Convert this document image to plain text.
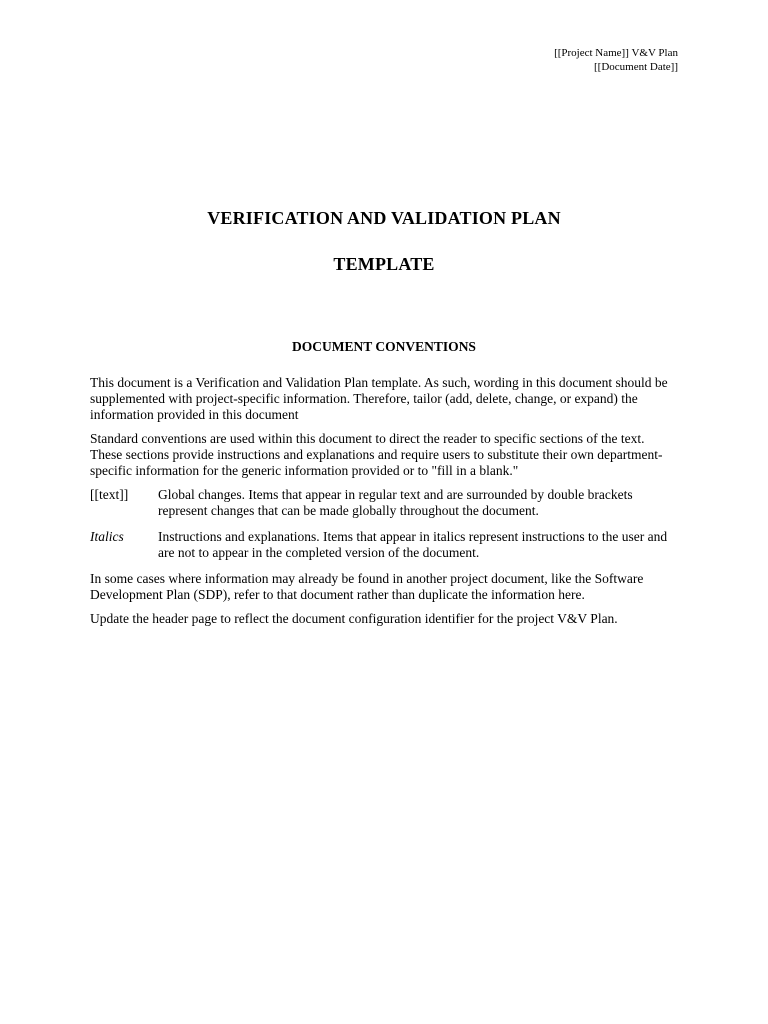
[[Project Name]] V&V Plan
[[Document Date]]
VERIFICATION AND VALIDATION PLAN
TEMPLATE
DOCUMENT CONVENTIONS

This document is a Verification and Validation Plan template. As such, wording in this document should be supplemented with project-specific information. Therefore, tailor (add, delete, change, or expand) the information provided in this document

Standard conventions are used within this document to direct the reader to specific sections of the text. These sections provide instructions and explanations and require users to substitute their own department-specific information for the generic information provided or to "fill in a blank."

[[text]]	Global changes. Items that appear in regular text and are surrounded by double brackets represent changes that can be made globally throughout the document.
Italics	Instructions and explanations. Items that appear in italics represent instructions to the user and are not to appear in the completed version of the document.

In some cases where information may already be found in another project document, like the Software Development Plan (SDP), refer to that document rather than duplicate the information here.

Update the header page to reflect the document configuration identifier for the project V&V Plan.
